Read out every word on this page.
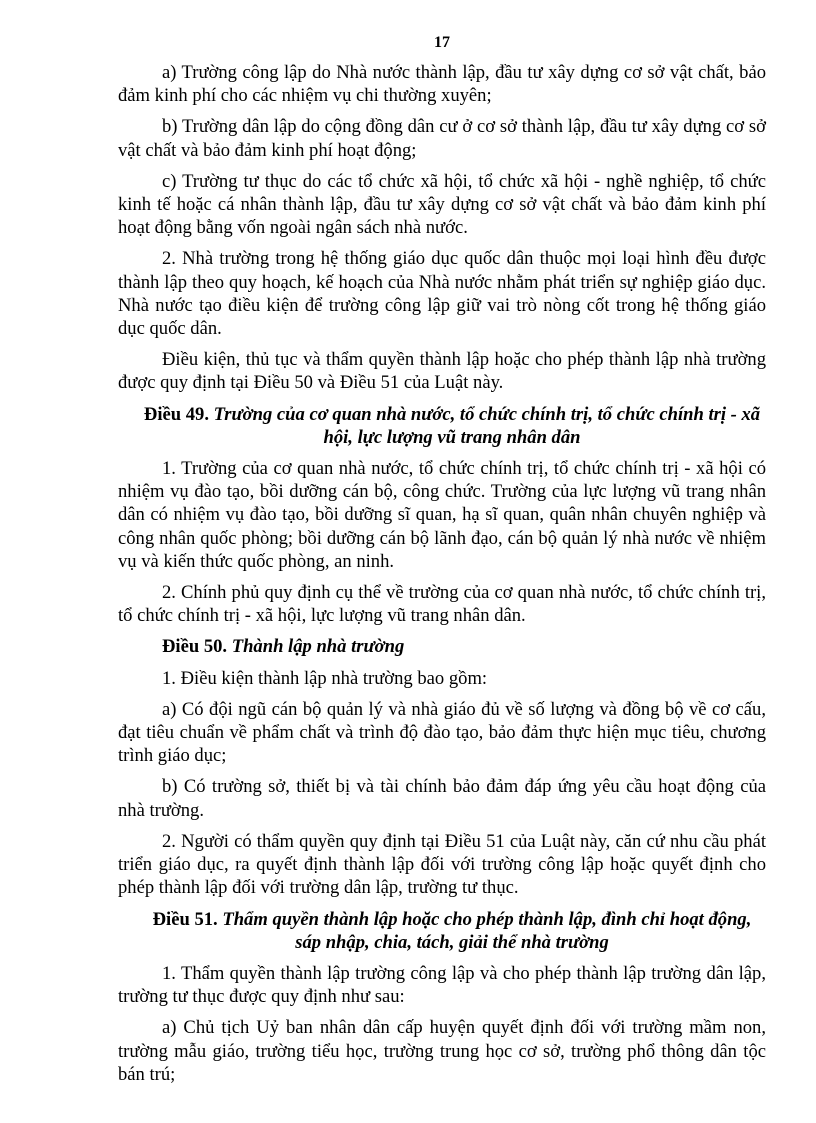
17

a) Trường công lập do Nhà nước thành lập, đầu tư xây dựng cơ sở vật chất, bảo đảm kinh phí cho các nhiệm vụ chi thường xuyên;

b) Trường dân lập do cộng đồng dân cư ở cơ sở thành lập, đầu tư xây dựng cơ sở vật chất và bảo đảm kinh phí hoạt động;

c) Trường tư thục do các tổ chức xã hội, tổ chức xã hội - nghề nghiệp, tổ chức kinh tế hoặc cá nhân thành lập, đầu tư xây dựng cơ sở vật chất và bảo đảm kinh phí hoạt động bằng vốn ngoài ngân sách nhà nước.

2. Nhà trường trong hệ thống giáo dục quốc dân thuộc mọi loại hình đều được thành lập theo quy hoạch, kế hoạch của Nhà nước nhằm phát triển sự nghiệp giáo dục. Nhà nước tạo điều kiện để trường công lập giữ vai trò nòng cốt trong hệ thống giáo dục quốc dân.

Điều kiện, thủ tục và thẩm quyền thành lập hoặc cho phép thành lập nhà trường được quy định tại Điều 50 và Điều 51 của Luật này.

Điều 49. Trường của cơ quan nhà nước, tổ chức chính trị, tổ chức chính trị - xã hội, lực lượng vũ trang nhân dân

1. Trường của cơ quan nhà nước, tổ chức chính trị, tổ chức chính trị - xã hội có nhiệm vụ đào tạo, bồi dưỡng cán bộ, công chức. Trường của lực lượng vũ trang nhân dân có nhiệm vụ đào tạo, bồi dưỡng sĩ quan, hạ sĩ quan, quân nhân chuyên nghiệp và công nhân quốc phòng; bồi dưỡng cán bộ lãnh đạo, cán bộ quản lý nhà nước về nhiệm vụ và kiến thức quốc phòng, an ninh.

2. Chính phủ quy định cụ thể về trường của cơ quan nhà nước, tổ chức chính trị, tổ chức chính trị - xã hội, lực lượng vũ trang nhân dân.

Điều 50. Thành lập nhà trường

1. Điều kiện thành lập nhà trường bao gồm:

a) Có đội ngũ cán bộ quản lý và nhà giáo đủ về số lượng và đồng bộ về cơ cấu, đạt tiêu chuẩn về phẩm chất và trình độ đào tạo, bảo đảm thực hiện mục tiêu, chương trình giáo dục;

b) Có trường sở, thiết bị và tài chính bảo đảm đáp ứng yêu cầu hoạt động của nhà trường.

2. Người có thẩm quyền quy định tại Điều 51 của Luật này, căn cứ nhu cầu phát triển giáo dục, ra quyết định thành lập đối với trường công lập hoặc quyết định cho phép thành lập đối với trường dân lập, trường tư thục.

Điều 51. Thẩm quyền thành lập hoặc cho phép thành lập, đình chỉ hoạt động, sáp nhập, chia, tách, giải thể nhà trường

1. Thẩm quyền thành lập trường công lập và cho phép thành lập trường dân lập, trường tư thục được quy định như sau:

a) Chủ tịch Uỷ ban nhân dân cấp huyện quyết định đối với trường mầm non, trường mẫu giáo, trường tiểu học, trường trung học cơ sở, trường phổ thông dân tộc bán trú;
